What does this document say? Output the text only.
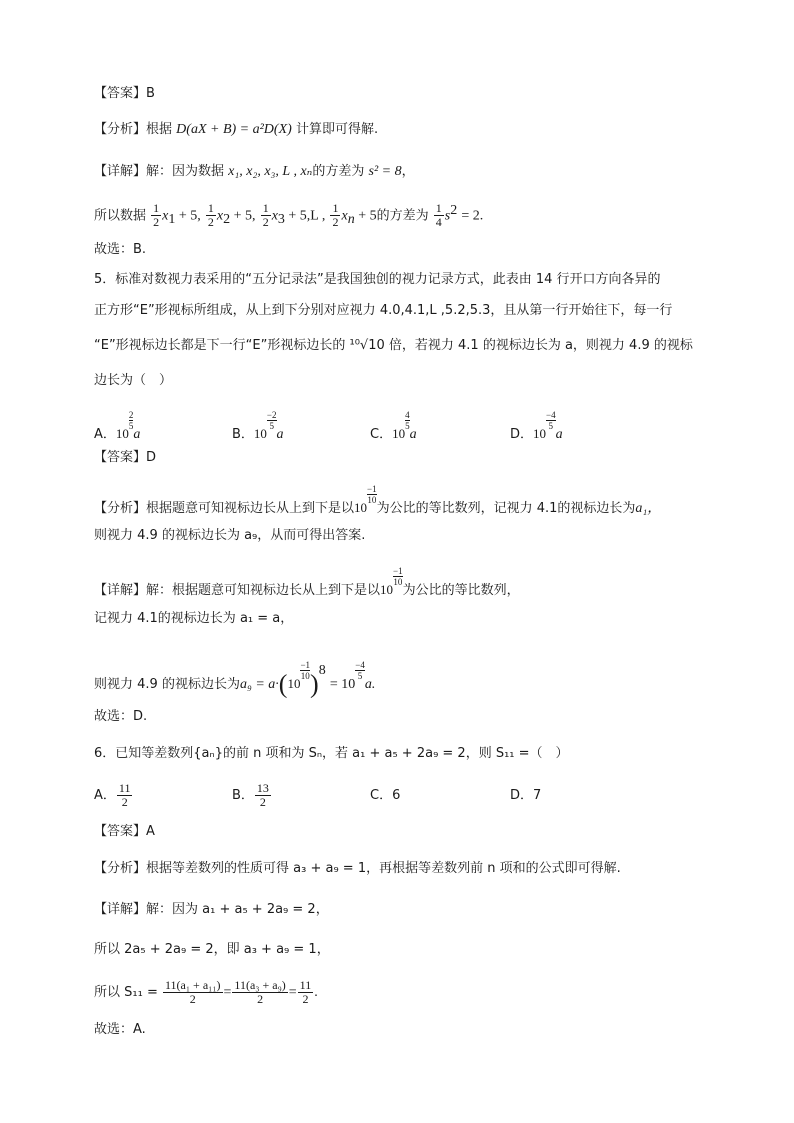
【答案】B
【分析】根据 D(aX + B) = a²D(X) 计算即可得解.
【详解】解：因为数据 x₁, x₂, x₃, L , xₙ的方差为 s² = 8，
所以数据 $\frac{1}{2} x_1 + 5$, $\frac{1}{2} x_2 + 5$, $\frac{1}{2} x_3 + 5,L$ , $\frac{1}{2} x_n + 5$的方差为 $\frac{1}{4} s^2 = 2$.
故选：B.
5．标准对数视力表采用的“五分记录法”是我国独创的视力记录方式，此表由 14 行开口方向各异的
正方形“E”形视标所组成，从上到下分别对应视力 4.0,4.1,L ,5.2,5.3，且从第一行开始往下，每一行
“E”形视标边长都是下一行“E”形视标边长的 ¹⁰√10 倍，若视力 4.1 的视标边长为 a，则视力 4.9 的视标
边长为（　）
A．10
$\frac{2}{5}a$	B．10
$\frac{-2}{5}a$	C．10
$\frac{4}{5}a$	D．10
$\frac{-4}{5}a$
【答案】D
【分析】根据题意可知视标边长从上到下是以10
−1
10为公比的等比数列，记视力 4.1的视标边长为a₁，
则视力 4.9 的视标边长为 a₉，从而可得出答案.
【详解】解：根据题意可知视标边长从上到下是以10
−1
10为公比的等比数列，
记视力 4.1的视标边长为 a₁ = a，
则视力 4.9 的视标边长为a₉ = a·(10
−1
10)$^8$ = 10
−4
5a.
故选：D.
6．已知等差数列{aₙ}的前 n 项和为 Sₙ，若 a₁ + a₅ + 2a₉ = 2，则 S₁₁ =（　）
A． $\frac{11}{2}$	B． $\frac{13}{2}$	C．6	D．7
【答案】A
【分析】根据等差数列的性质可得 a₃ + a₉ = 1，再根据等差数列前 n 项和的公式即可得解.
【详解】解：因为 a₁ + a₅ + 2a₉ = 2，
所以 2a₅ + 2a₉ = 2，即 a₃ + a₉ = 1，
所以 $S_{11} = \frac{\text{11(a₁ + a₁₁)}}{2} = \frac{\text{11(a₃ + a₉)}}{2} = \frac{11}{2}$ .
故选：A.
